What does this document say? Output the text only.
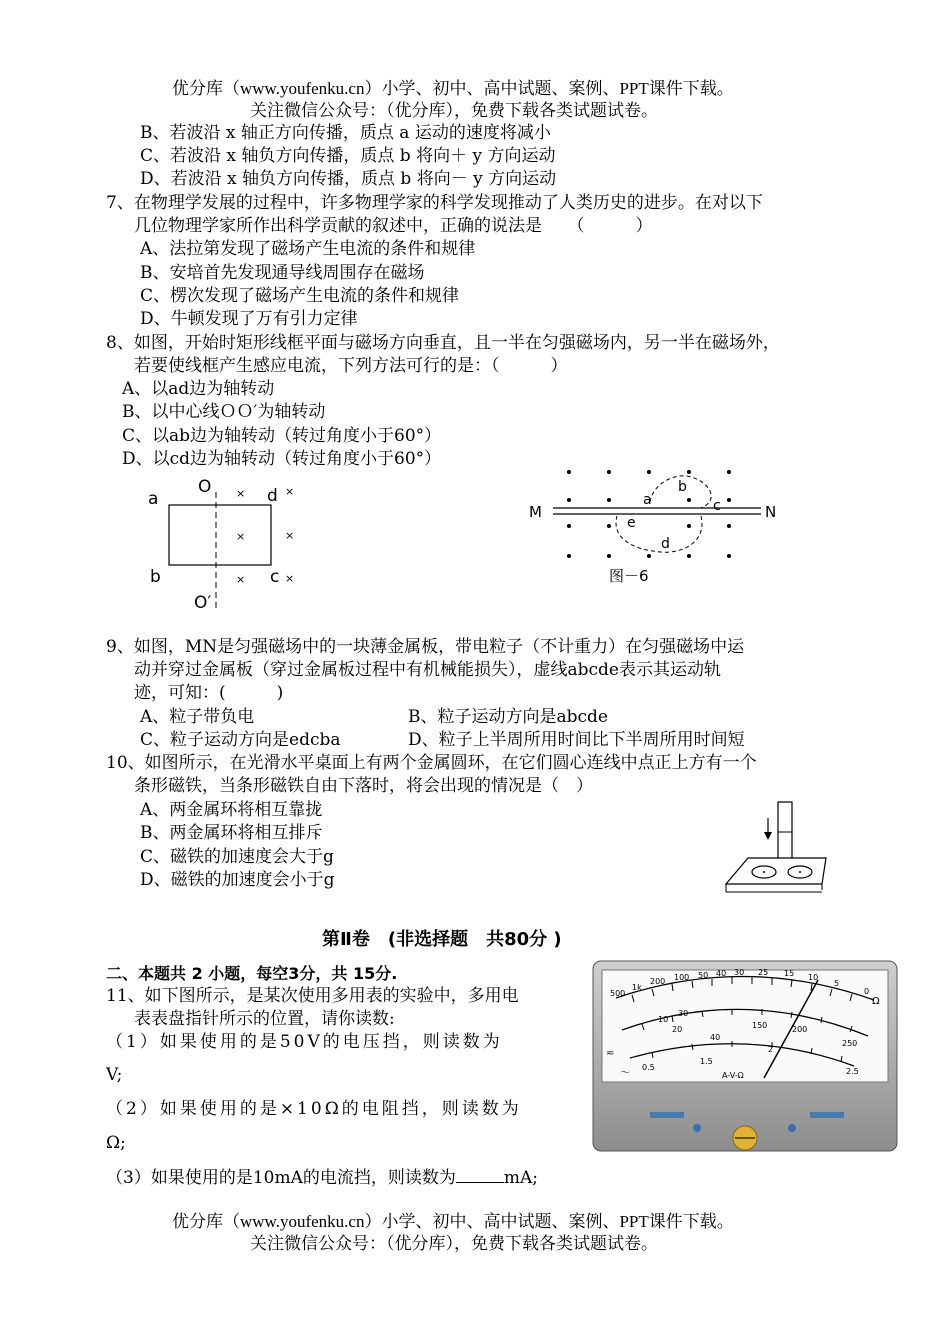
优分库（www.youfenku.cn）小学、初中、高中试题、案例、PPT课件下载。
关注微信公众号：（优分库），免费下载各类试题试卷。
B、若波沿 x 轴正方向传播，质点 a 运动的速度将减小
C、若波沿 x 轴负方向传播，质点 b 将向＋ y 方向运动
D、若波沿 x 轴负方向传播，质点 b 将向－ y 方向运动
7、在物理学发展的过程中，许多物理学家的科学发现推动了人类历史的进步。在对以下
几位物理学家所作出科学贡献的叙述中，正确的说法是　　（　　　）
A、法拉第发现了磁场产生电流的条件和规律
B、安培首先发现通导线周围存在磁场
C、楞次发现了磁场产生电流的条件和规律
D、牛顿发现了万有引力定律
8、如图，开始时矩形线框平面与磁场方向垂直，且一半在匀强磁场内，另一半在磁场外，
若要使线框产生感应电流，下列方法可行的是：（　　　）
A、以ad边为轴转动
B、以中心线ＯＯ′为轴转动
C、以ab边为轴转动（转过角度小于60°）
D、以cd边为轴转动（转过角度小于60°）
a	d
b	c
O
O′
×	×
×	×
×	×
M	N
a
b
c
d
e
图－6
9、如图，MN是匀强磁场中的一块薄金属板，带电粒子（不计重力）在匀强磁场中运
动并穿过金属板（穿过金属板过程中有机械能损失），虚线abcde表示其运动轨
迹，可知：(　　　)
A、粒子带负电	B、粒子运动方向是abcde
C、粒子运动方向是edcba	D、粒子上半周所用时间比下半周所用时间短
10、如图所示，在光滑水平桌面上有两个金属圆环，在它们圆心连线中点正上方有一个
条形磁铁，当条形磁铁自由下落时，将会出现的情况是（　）
A、两金属环将相互靠拢
B、两金属环将相互排斥
C、磁铁的加速度会大于g
D、磁铁的加速度会小于g
第Ⅱ卷　(非选择题　共80分 )
二、本题共 2 小题，每空3分，共 15分.
11、如下图所示，是某次使用多用表的实验中，多用电
表表盘指针所示的位置，请你读数:
（1）如果使用的是50V的电压挡，则读数为
V;
（2）如果使用的是×10Ω的电阻挡，则读数为
Ω;
（3）如果使用的是10mA的电流挡，则读数为	mA;
500
1k
200 100 50 40 30 25 15 10
5
0
150	200
250
10
20
30
40
0.5
1.5
2
2.5
Ω
≂
～	A-V-Ω
优分库（www.youfenku.cn）小学、初中、高中试题、案例、PPT课件下载。
关注微信公众号：（优分库），免费下载各类试题试卷。
